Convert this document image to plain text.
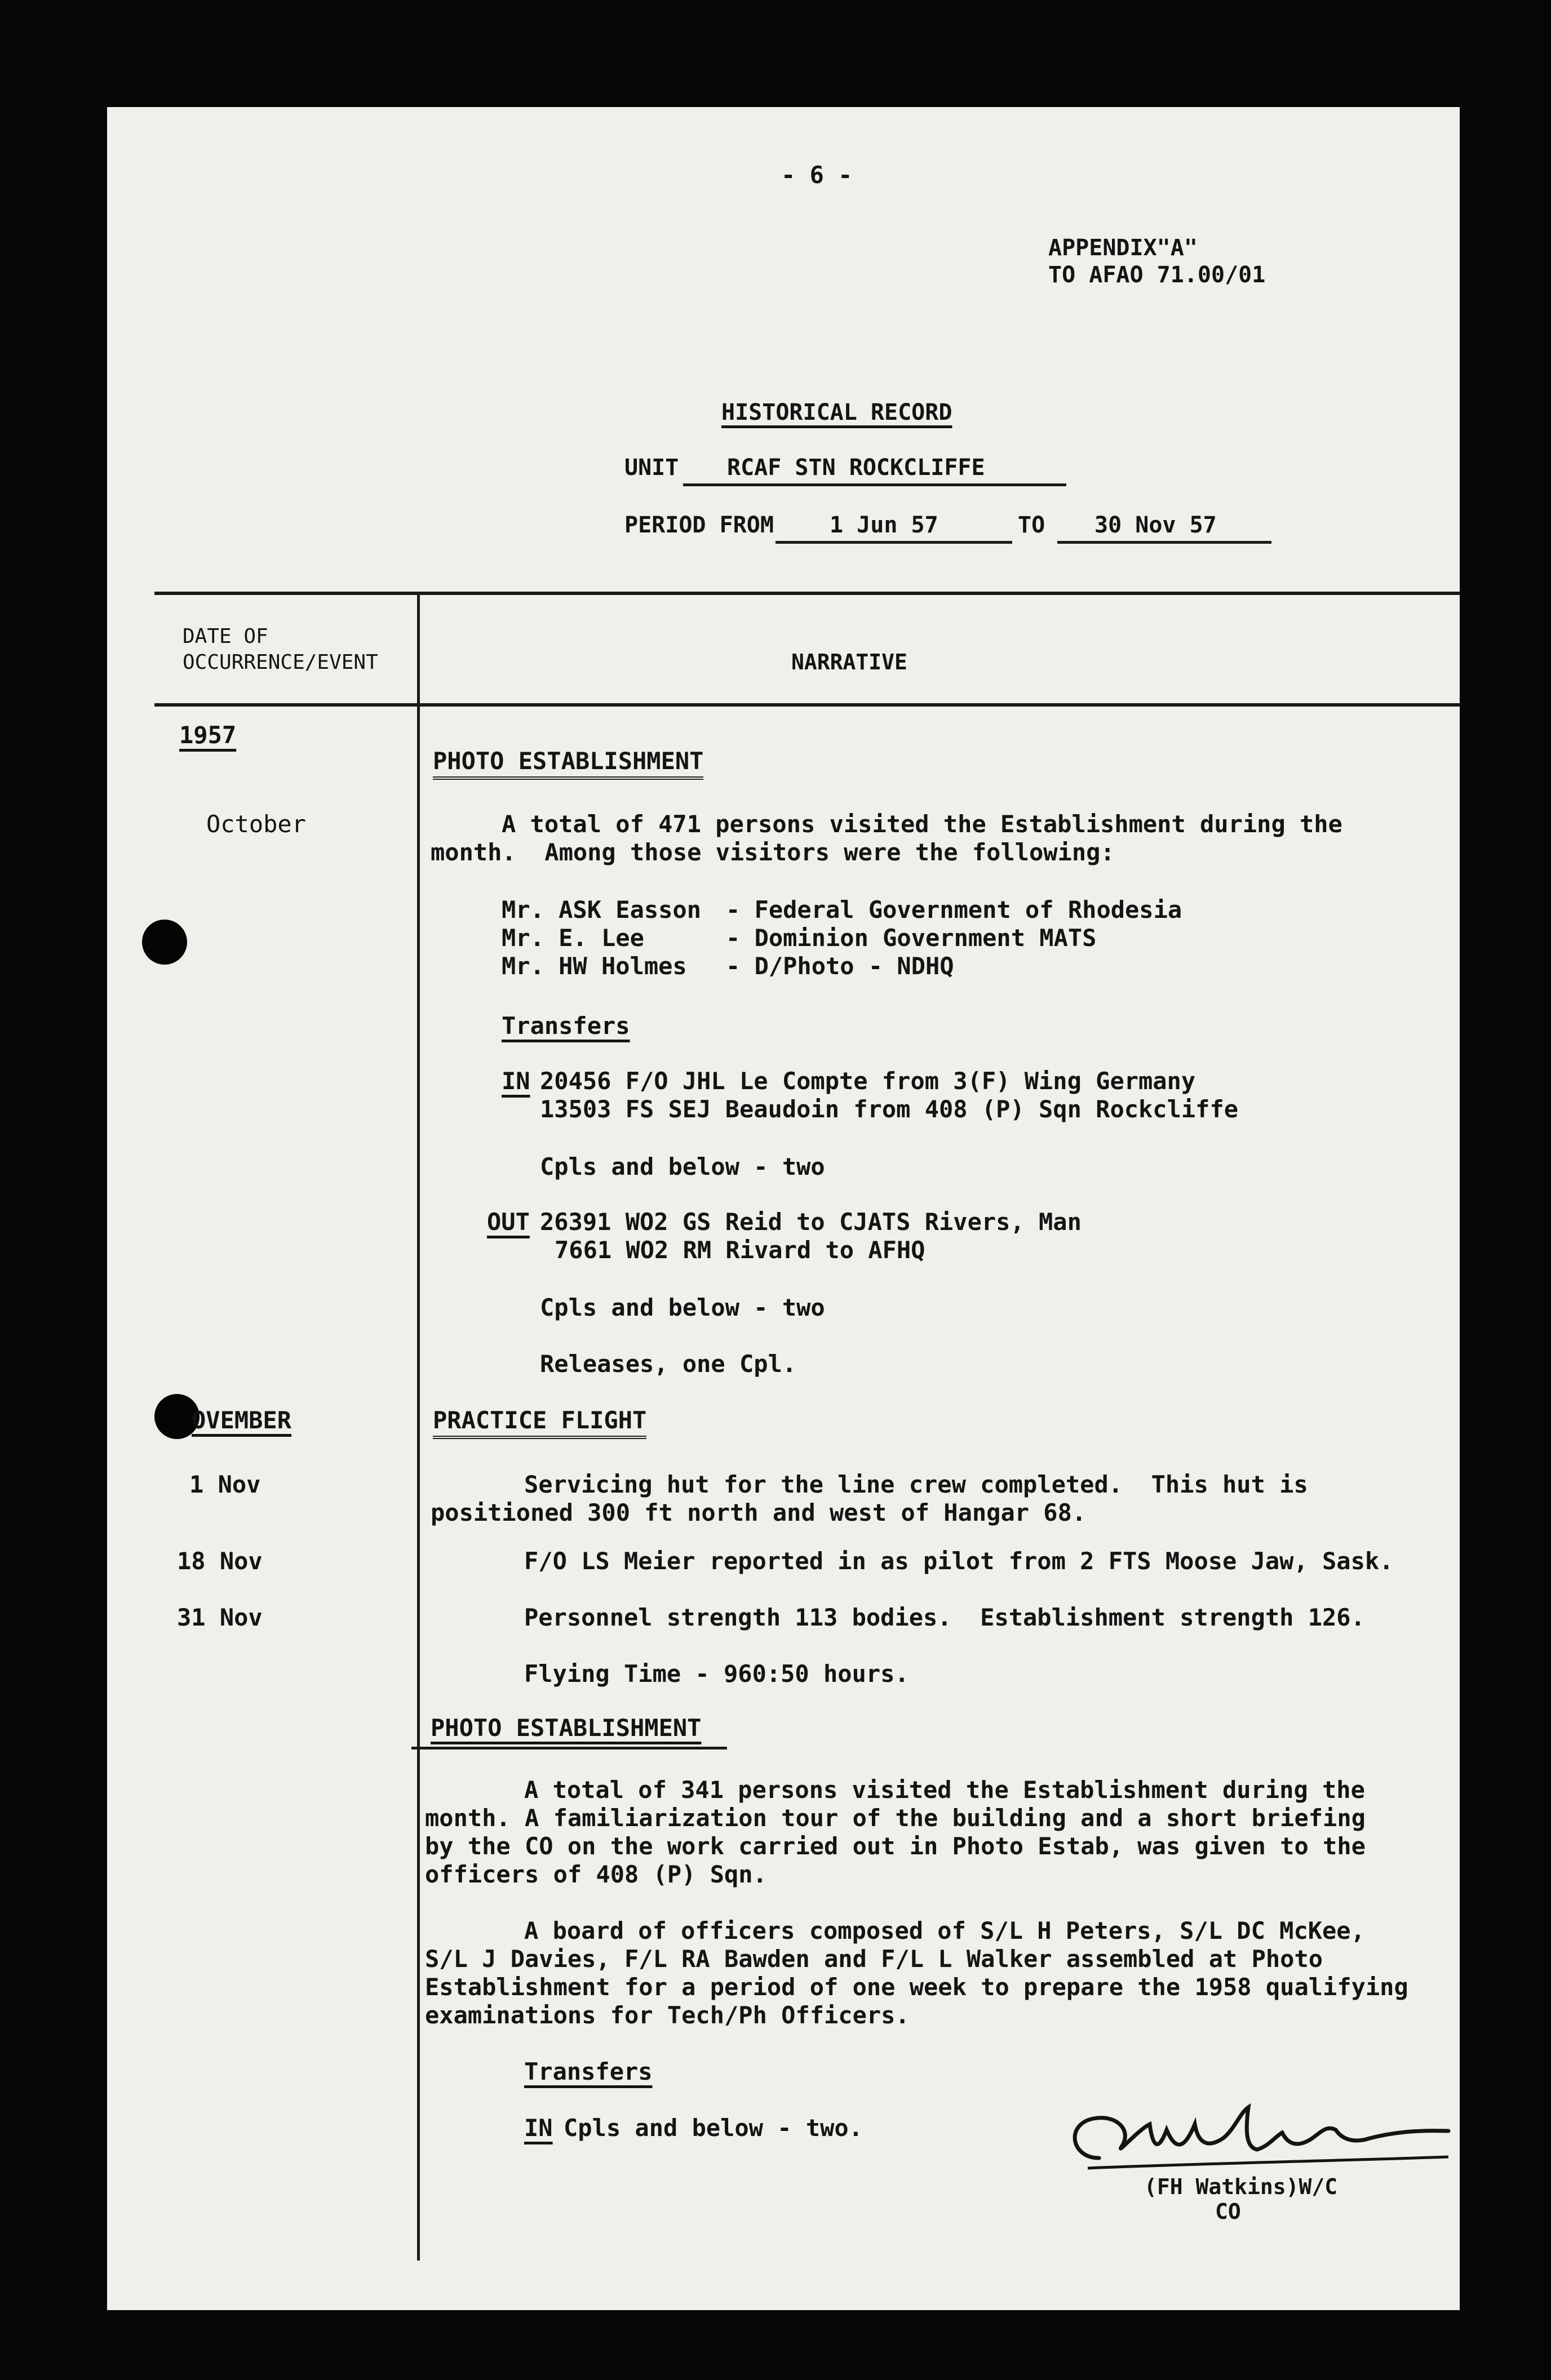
- 6 -
APPENDIX"A"
TO AFAO 71.00/01
HISTORICAL RECORD
UNIT RCAF STN ROCKCLIFFE
PERIOD FROM 1 Jun 57	TO 30 Nov 57
DATE OF
OCCURRENCE/EVENT	NARRATIVE
1957
October
PHOTO ESTABLISHMENT
A total of 471 persons visited the Establishment during the
month.  Among those visitors were the following:
Mr. ASK Easson - Federal Government of Rhodesia
Mr. E. Lee	- Dominion Government MATS
Mr. HW Holmes - D/Photo - NDHQ
Transfers
IN 20456 F/O JHL Le Compte from 3(F) Wing Germany
13503 FS SEJ Beaudoin from 408 (P) Sqn Rockcliffe
Cpls and below - two
OUT 26391 WO2 GS Reid to CJATS Rivers, Man
7661 WO2 RM Rivard to AFHQ
Cpls and below - two
Releases, one Cpl.
OVEMBER	PRACTICE FLIGHT
1 Nov	Servicing hut for the line crew completed.  This hut is
positioned 300 ft north and west of Hangar 68.
18 Nov	F/O LS Meier reported in as pilot from 2 FTS Moose Jaw, Sask.
31 Nov	Personnel strength 113 bodies.  Establishment strength 126.
Flying Time - 960:50 hours.
PHOTO ESTABLISHMENT
A total of 341 persons visited the Establishment during the
month. A familiarization tour of the building and a short briefing
by the CO on the work carried out in Photo Estab, was given to the
officers of 408 (P) Sqn.
A board of officers composed of S/L H Peters, S/L DC McKee,
S/L J Davies, F/L RA Bawden and F/L L Walker assembled at Photo
Establishment for a period of one week to prepare the 1958 qualifying
examinations for Tech/Ph Officers.
Transfers
IN Cpls and below - two.
(FH Watkins)W/C
CO
